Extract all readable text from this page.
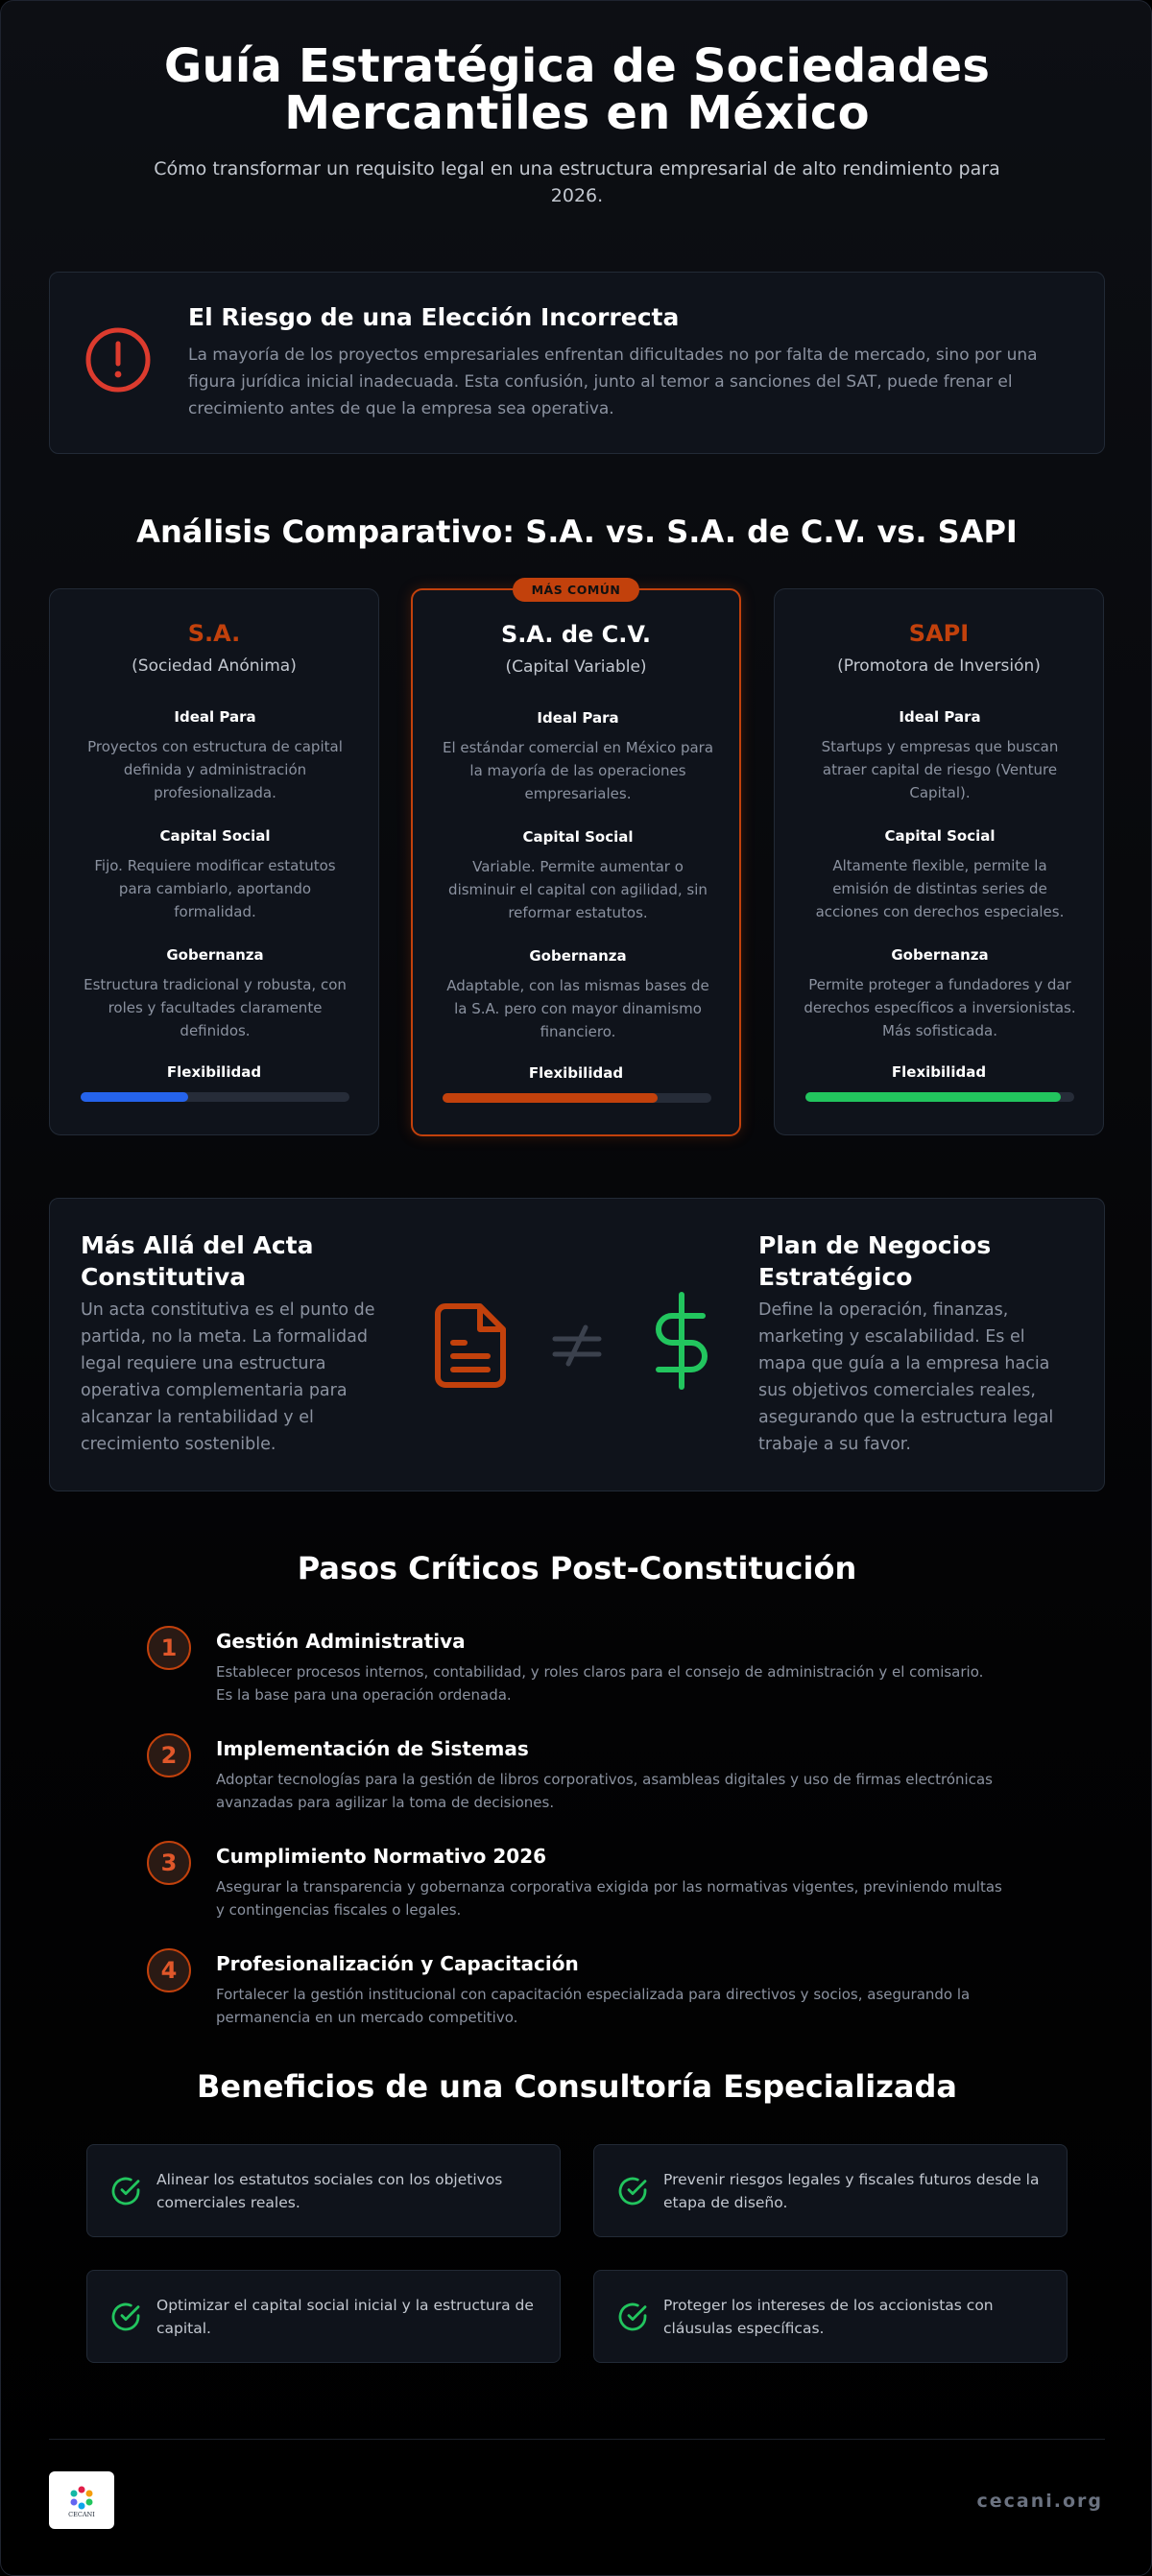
Guía Estratégica de Sociedades
Mercantiles en México
Cómo transformar un requisito legal en una estructura empresarial de alto rendimiento para 2026.
El Riesgo de una Elección Incorrecta
La mayoría de los proyectos empresariales enfrentan dificultades no por falta de mercado, sino por una figura jurídica inicial inadecuada. Esta confusión, junto al temor a sanciones del SAT, puede frenar el crecimiento antes de que la empresa sea operativa.
Análisis Comparativo: S.A. vs. S.A. de C.V. vs. SAPI
S.A.
(Sociedad Anónima)
Ideal Para
Proyectos con estructura de capital definida y administración profesionalizada.
Capital Social
Fijo. Requiere modificar estatutos para cambiarlo, aportando formalidad.
Gobernanza
Estructura tradicional y robusta, con roles y facultades claramente definidos.
Flexibilidad
S.A. de C.V.
(Capital Variable)
Ideal Para
El estándar comercial en México para la mayoría de las operaciones empresariales.
Capital Social
Variable. Permite aumentar o disminuir el capital con agilidad, sin reformar estatutos.
Gobernanza
Adaptable, con las mismas bases de la S.A. pero con mayor dinamismo financiero.
Flexibilidad
MÁS COMÚN
SAPI
(Promotora de Inversión)
Ideal Para
Startups y empresas que buscan atraer capital de riesgo (Venture Capital).
Capital Social
Altamente flexible, permite la emisión de distintas series de acciones con derechos especiales.
Gobernanza
Permite proteger a fundadores y dar derechos específicos a inversionistas. Más sofisticada.
Flexibilidad
Más Allá del Acta Constitutiva
Un acta constitutiva es el punto de partida, no la meta. La formalidad legal requiere una estructura operativa complementaria para alcanzar la rentabilidad y el crecimiento sostenible.
Plan de Negocios Estratégico
Define la operación, finanzas, marketing y escalabilidad. Es el mapa que guía a la empresa hacia sus objetivos comerciales reales, asegurando que la estructura legal trabaje a su favor.
Pasos Críticos Post-Constitución
1	Gestión Administrativa
Establecer procesos internos, contabilidad, y roles claros para el consejo de administración y el comisario. Es la base para una operación ordenada.
2	Implementación de Sistemas
Adoptar tecnologías para la gestión de libros corporativos, asambleas digitales y uso de firmas electrónicas avanzadas para agilizar la toma de decisiones.
3	Cumplimiento Normativo 2026
Asegurar la transparencia y gobernanza corporativa exigida por las normativas vigentes, previniendo multas y contingencias fiscales o legales.
4	Profesionalización y Capacitación
Fortalecer la gestión institucional con capacitación especializada para directivos y socios, asegurando la permanencia en un mercado competitivo.
Beneficios de una Consultoría Especializada
Alinear los estatutos sociales con los objetivos comerciales reales.
Prevenir riesgos legales y fiscales futuros desde la etapa de diseño.
Optimizar el capital social inicial y la estructura de capital.
Proteger los intereses de los accionistas con cláusulas específicas.
CECANI
cecani.org
